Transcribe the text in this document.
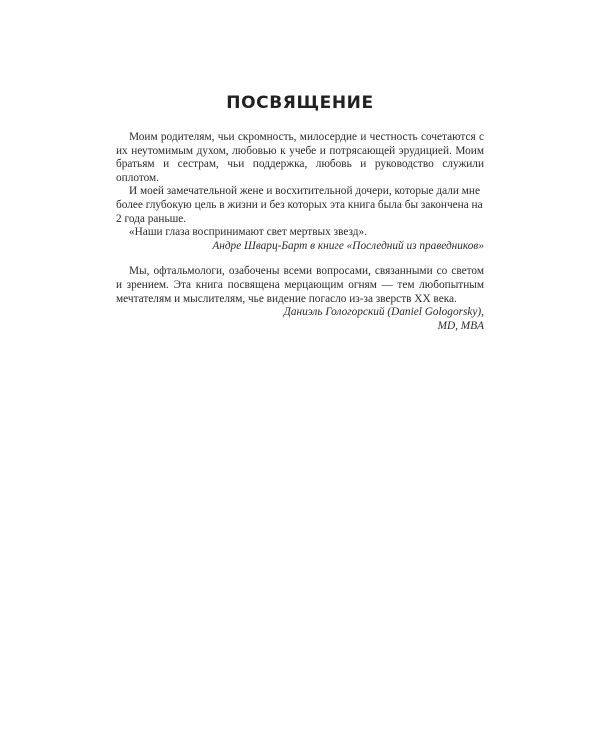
ПОСВЯЩЕНИЕ

Моим родителям, чьи скромность, милосердие и честность сочетаются с их неутомимым духом, любовью к учебе и потрясающей эрудицией. Моим братьям и сестрам, чьи поддержка, любовь и руководство служили оплотом.

И моей замечательной жене и восхитительной дочери, которые дали мне более глубокую цель в жизни и без которых эта книга была бы закончена на 2 года раньше.

«Наши глаза воспринимают свет мертвых звезд».

Андре Шварц-Барт в книге «Последний из праведников»

Мы, офтальмологи, озабочены всеми вопросами, связанными со светом и зрением. Эта книга посвящена мерцающим огням — тем любопытным мечтателям и мыслителям, чье видение погасло из-за зверств XX века.

Даниэль Гологорский (Daniel Gologorsky),
MD, MBA
